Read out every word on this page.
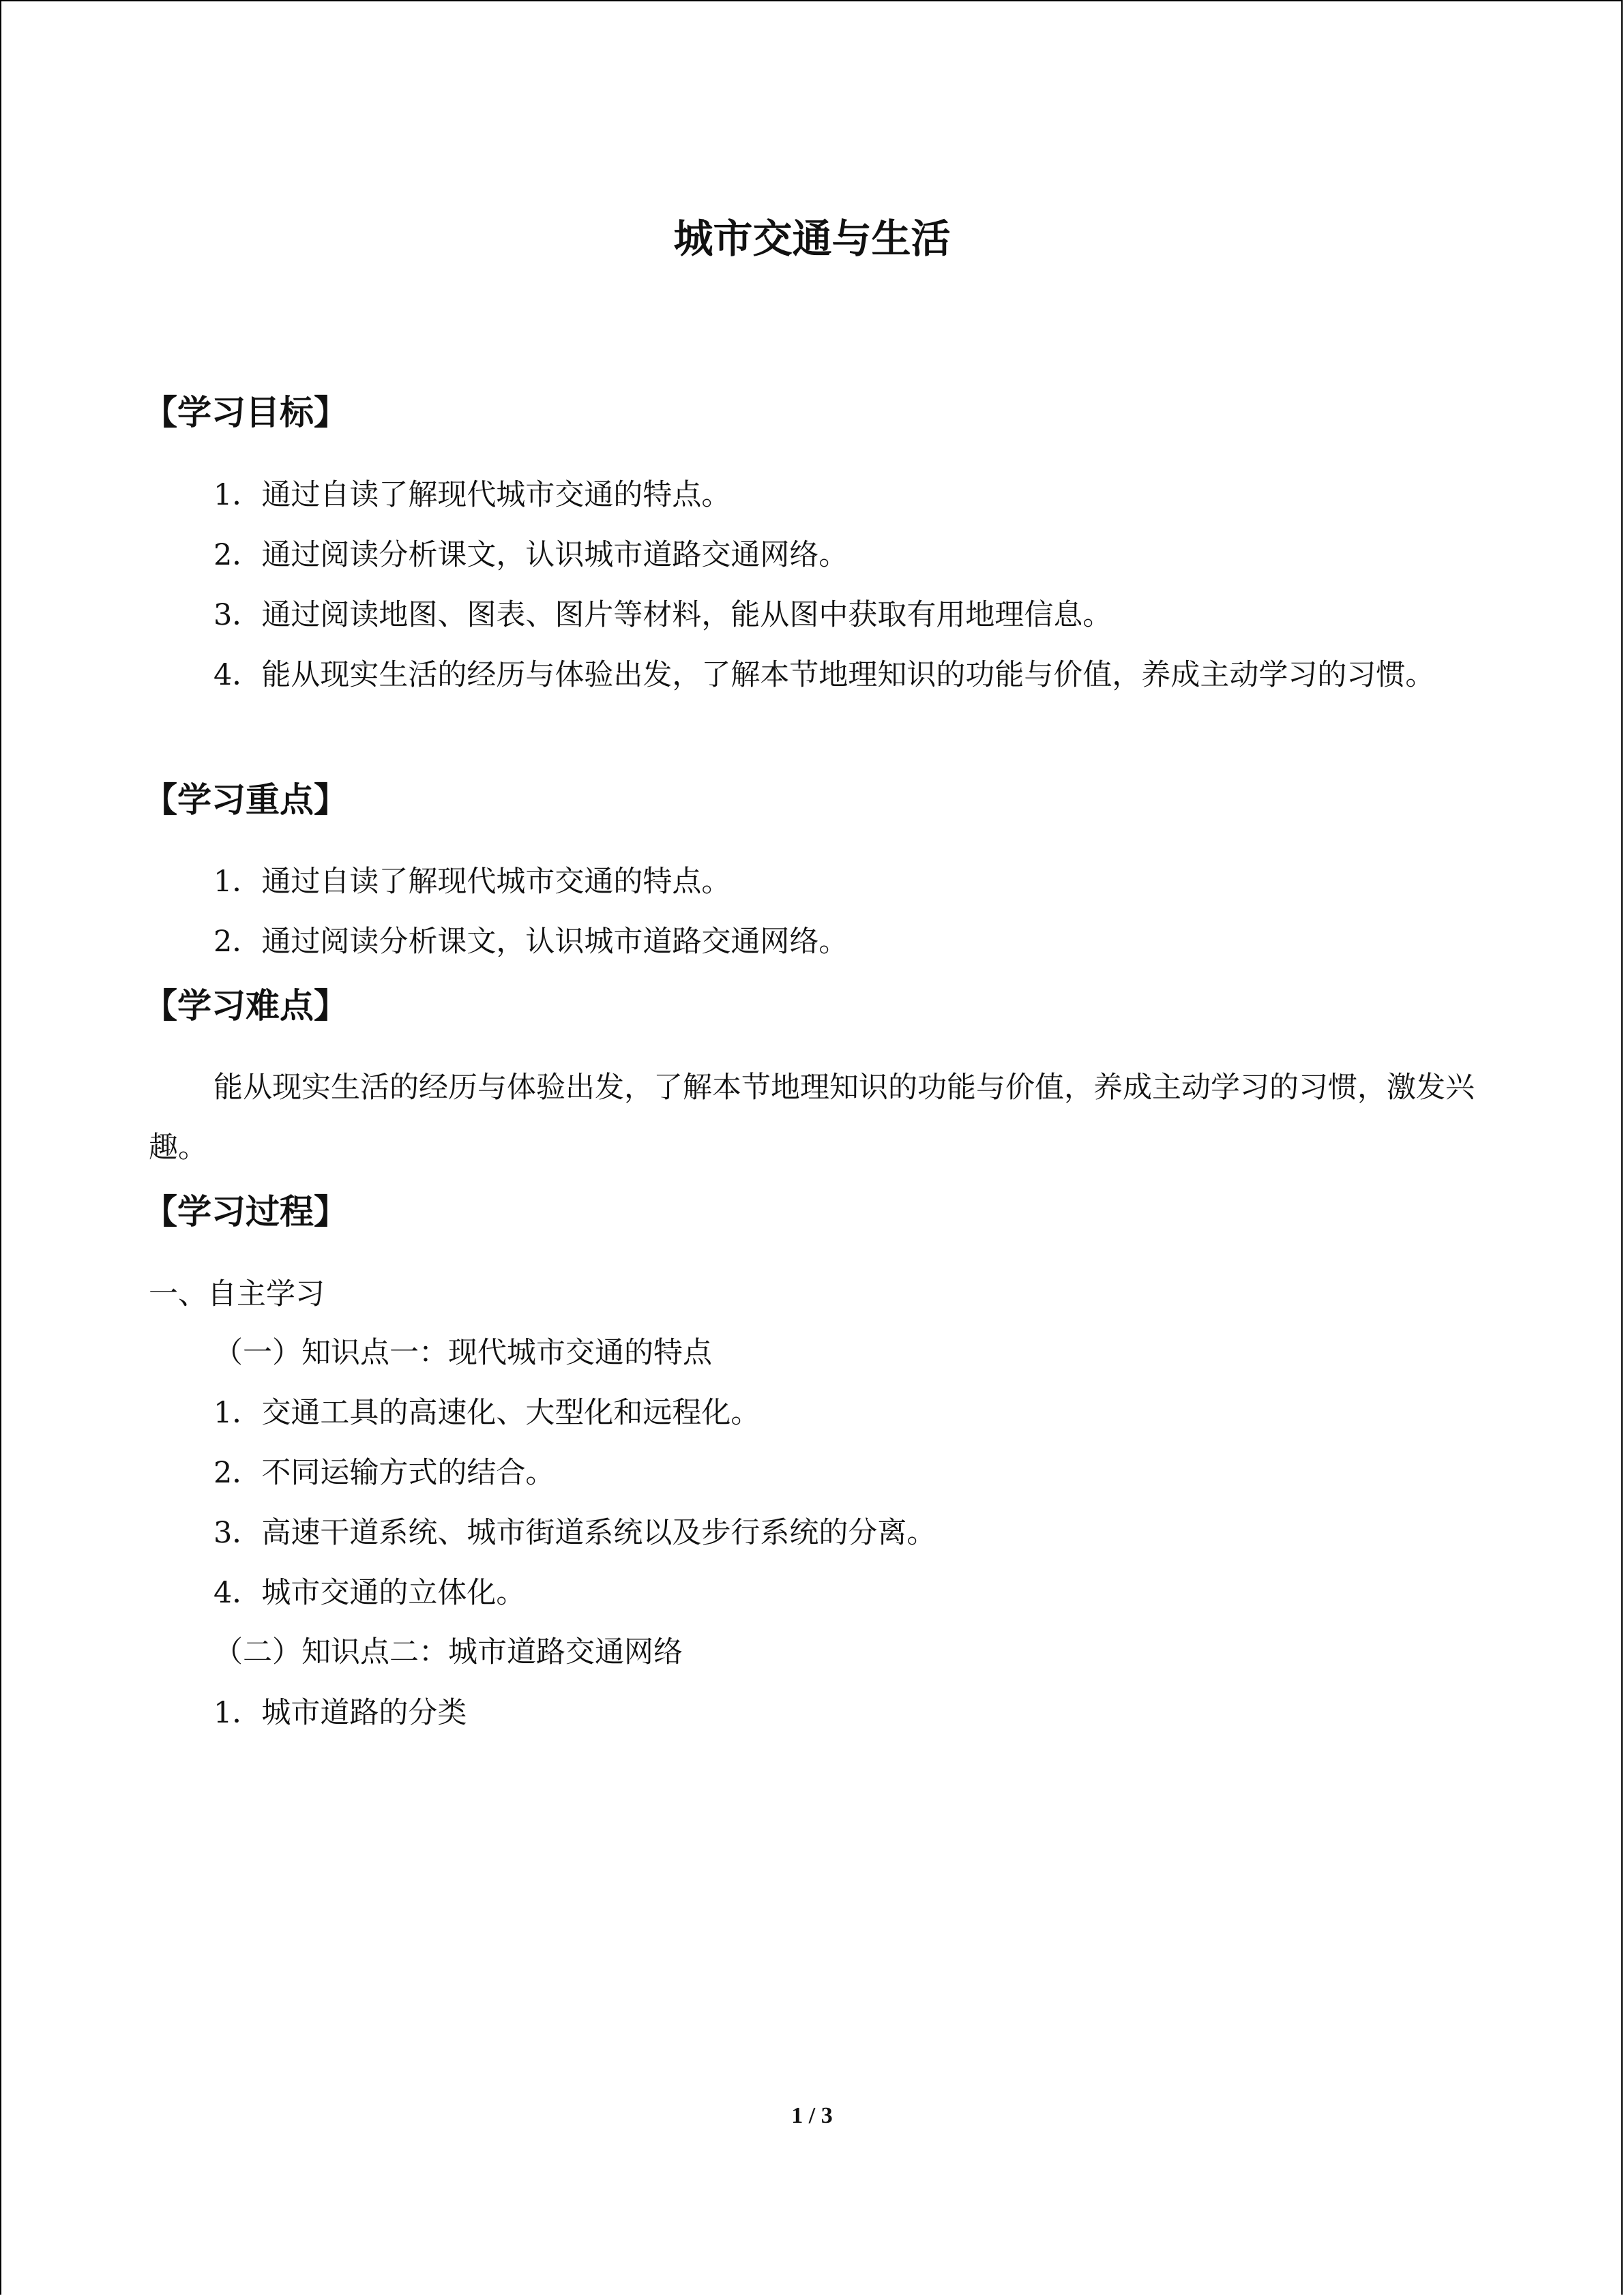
城市交通与生活
【学习目标】

1．通过自读了解现代城市交通的特点。

2．通过阅读分析课文，认识城市道路交通网络。

3．通过阅读地图、图表、图片等材料，能从图中获取有用地理信息。

4．能从现实生活的经历与体验出发，了解本节地理知识的功能与价值，养成主动学习的习惯。

【学习重点】

1．通过自读了解现代城市交通的特点。

2．通过阅读分析课文，认识城市道路交通网络。

【学习难点】

能从现实生活的经历与体验出发，了解本节地理知识的功能与价值，养成主动学习的习惯，激发兴趣。

【学习过程】

一、自主学习

（一）知识点一：现代城市交通的特点

1．交通工具的高速化、大型化和远程化。

2．不同运输方式的结合。

3．高速干道系统、城市街道系统以及步行系统的分离。

4．城市交通的立体化。

（二）知识点二：城市道路交通网络

1．城市道路的分类

1 / 3
